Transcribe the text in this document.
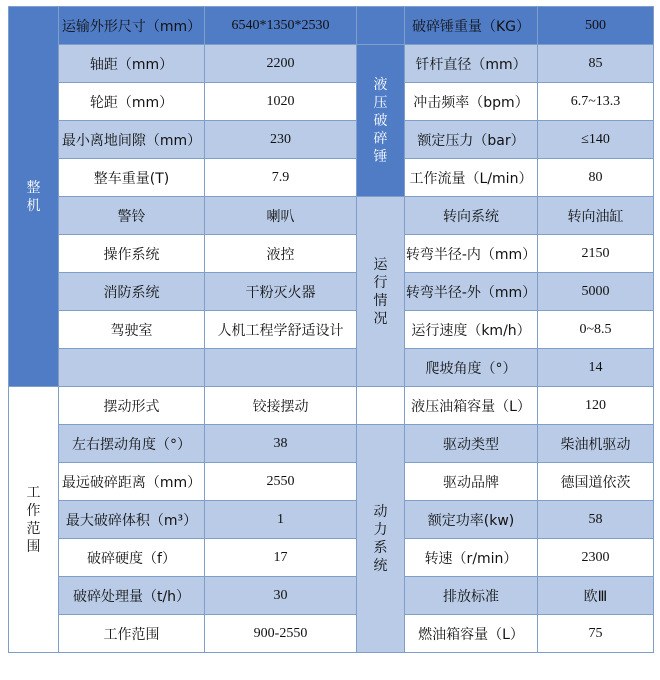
整机	运输外形尺寸（mm）	6540*1350*2530		破碎锤重量（KG）	500
	轴距（mm）	2200	液压破碎锤	钎杆直径（mm）	85
	轮距（mm）	1020		冲击频率（bpm）	6.7~13.3
	最小离地间隙（mm）	230		额定压力（bar）	≤140
	整车重量(T)	7.9		工作流量（L/min）	80
	警铃	喇叭	运行情况	转向系统	转向油缸
	操作系统	液控		转弯半径-内（mm）	2150
	消防系统	干粉灭火器		转弯半径-外（mm）	5000
	驾驶室	人机工程学舒适设计		运行速度（km/h）	0~8.5
				爬坡角度（°）	14
工作范围	摆动形式	铰接摆动		液压油箱容量（L）	120
	左右摆动角度（°）	38	动力系统	驱动类型	柴油机驱动
	最远破碎距离（mm）	2550		驱动品牌	德国道依茨
	最大破碎体积（m³）	1		额定功率(kw)	58
	破碎硬度（f）	17		转速（r/min）	2300
	破碎处理量（t/h）	30		排放标准	欧Ⅲ
	工作范围	900-2550		燃油箱容量（L）	75
